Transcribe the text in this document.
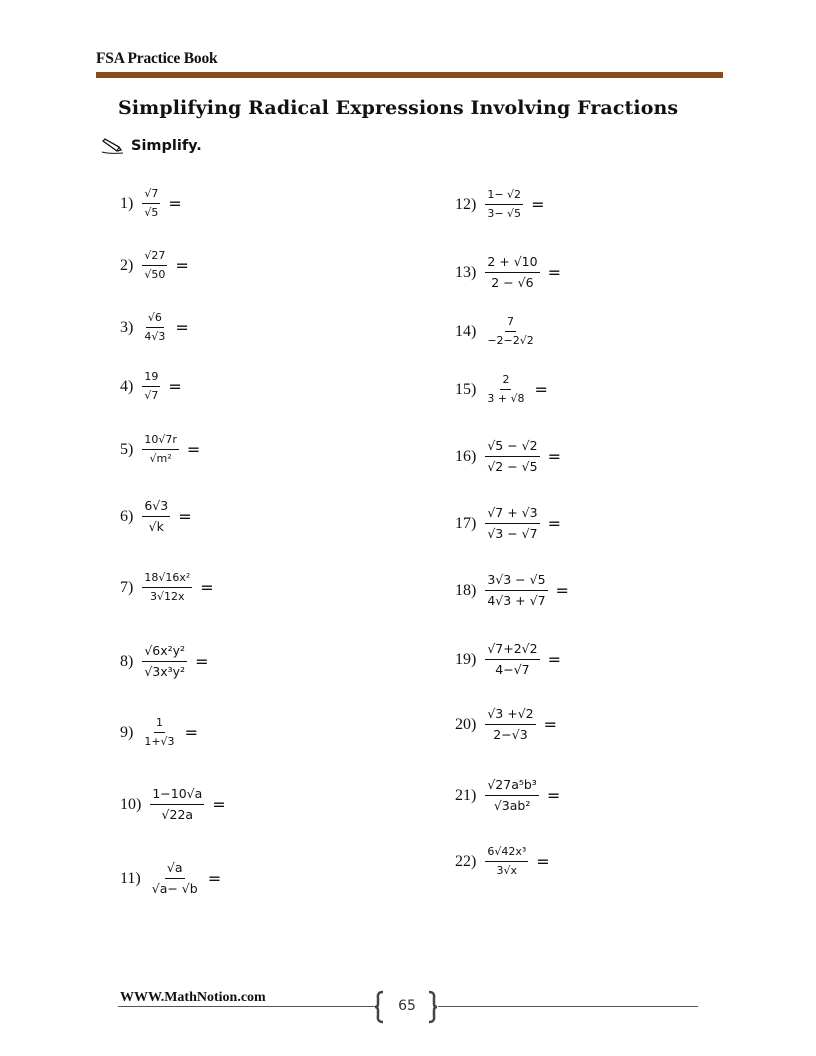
FSA Practice Book
Simplifying Radical Expressions Involving Fractions
Simplify.
$1) \frac{√7}{√5}$ =
$2) \frac{√27}{√50}$ =
$3) \frac{√6}{4√3}$ =
$4) \frac{19}{√7}$ =
$5) \frac{10√7r}{\text{√m²}}$ =
$6) \frac{6√3}{√k}$ =
$7) \frac{\text{18√16x²}}{3√12x}$ =
$8) \frac{\text{√6x²y²}}{\text{√3x³y²}}$ =
$9) \frac{1}{1+√3}$ =
$10) \frac{1-10√a}{√22a}$ =
$11) \frac{√a}{√a- √b}$ =
$12) \frac{1- √2}{3- √5}$ =
$13) \frac{2 + √10}{2 - √6}$ =
$14) \frac{7}{-2-2√2}$
$15) \frac{2}{3 + √8}$ =
$16) \frac{√5 - √2}{√2 - √5}$ =
$17) \frac{√7 + √3}{√3 - √7}$ =
$18) \frac{3√3 - √5}{4√3 + √7}$ =
$19) \frac{√7+2√2}{4-√7}$ =
$20) \frac{√3 +√2}{2-√3}$ =
$21) \frac{\text{√27a⁵b³}}{\text{√3ab²}}$ =
$22) \frac{\text{6√42x³}}{3√x}$ =
WWW.MathNotion.com
65
